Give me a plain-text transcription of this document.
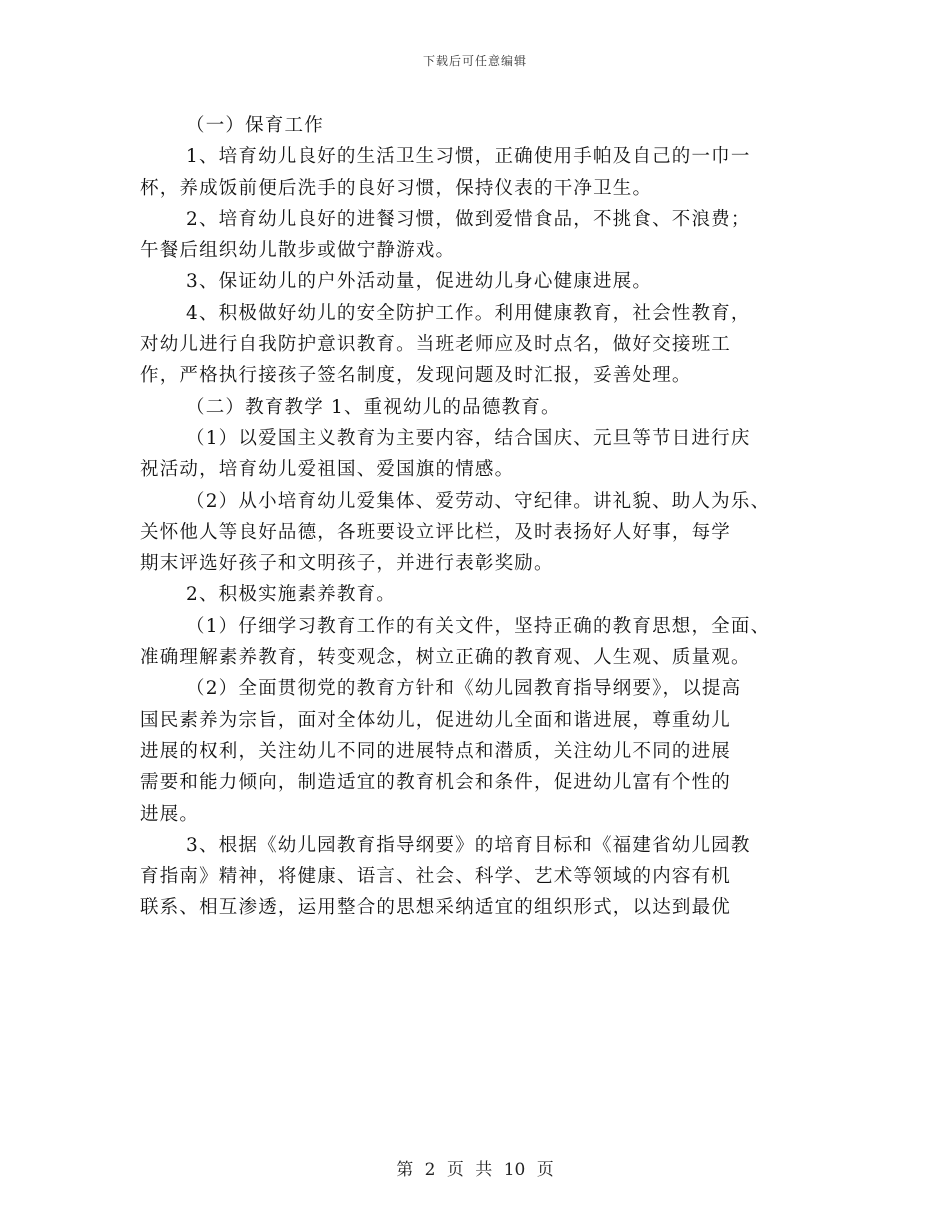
下载后可任意编辑
（一）保育工作
1、培育幼儿良好的生活卫生习惯，正确使用手帕及自己的一巾一
杯，养成饭前便后洗手的良好习惯，保持仪表的干净卫生。
2、培育幼儿良好的进餐习惯，做到爱惜食品，不挑食、不浪费；
午餐后组织幼儿散步或做宁静游戏。
3、保证幼儿的户外活动量，促进幼儿身心健康进展。
4、积极做好幼儿的安全防护工作。利用健康教育，社会性教育，
对幼儿进行自我防护意识教育。当班老师应及时点名，做好交接班工
作，严格执行接孩子签名制度，发现问题及时汇报，妥善处理。
（二）教育教学 1、重视幼儿的品德教育。
（1）以爱国主义教育为主要内容，结合国庆、元旦等节日进行庆
祝活动，培育幼儿爱祖国、爱国旗的情感。
（2）从小培育幼儿爱集体、爱劳动、守纪律。讲礼貌、助人为乐、
关怀他人等良好品德，各班要设立评比栏，及时表扬好人好事，每学
期末评选好孩子和文明孩子，并进行表彰奖励。
2、积极实施素养教育。
（1）仔细学习教育工作的有关文件，坚持正确的教育思想，全面、
准确理解素养教育，转变观念，树立正确的教育观、人生观、质量观。
（2）全面贯彻党的教育方针和《幼儿园教育指导纲要》，以提高
国民素养为宗旨，面对全体幼儿，促进幼儿全面和谐进展，尊重幼儿
进展的权利，关注幼儿不同的进展特点和潜质，关注幼儿不同的进展
需要和能力倾向，制造适宜的教育机会和条件，促进幼儿富有个性的
进展。
3、根据《幼儿园教育指导纲要》的培育目标和《福建省幼儿园教
育指南》精神，将健康、语言、社会、科学、艺术等领域的内容有机
联系、相互渗透，运用整合的思想采纳适宜的组织形式，以达到最优
第 2 页 共 10 页
